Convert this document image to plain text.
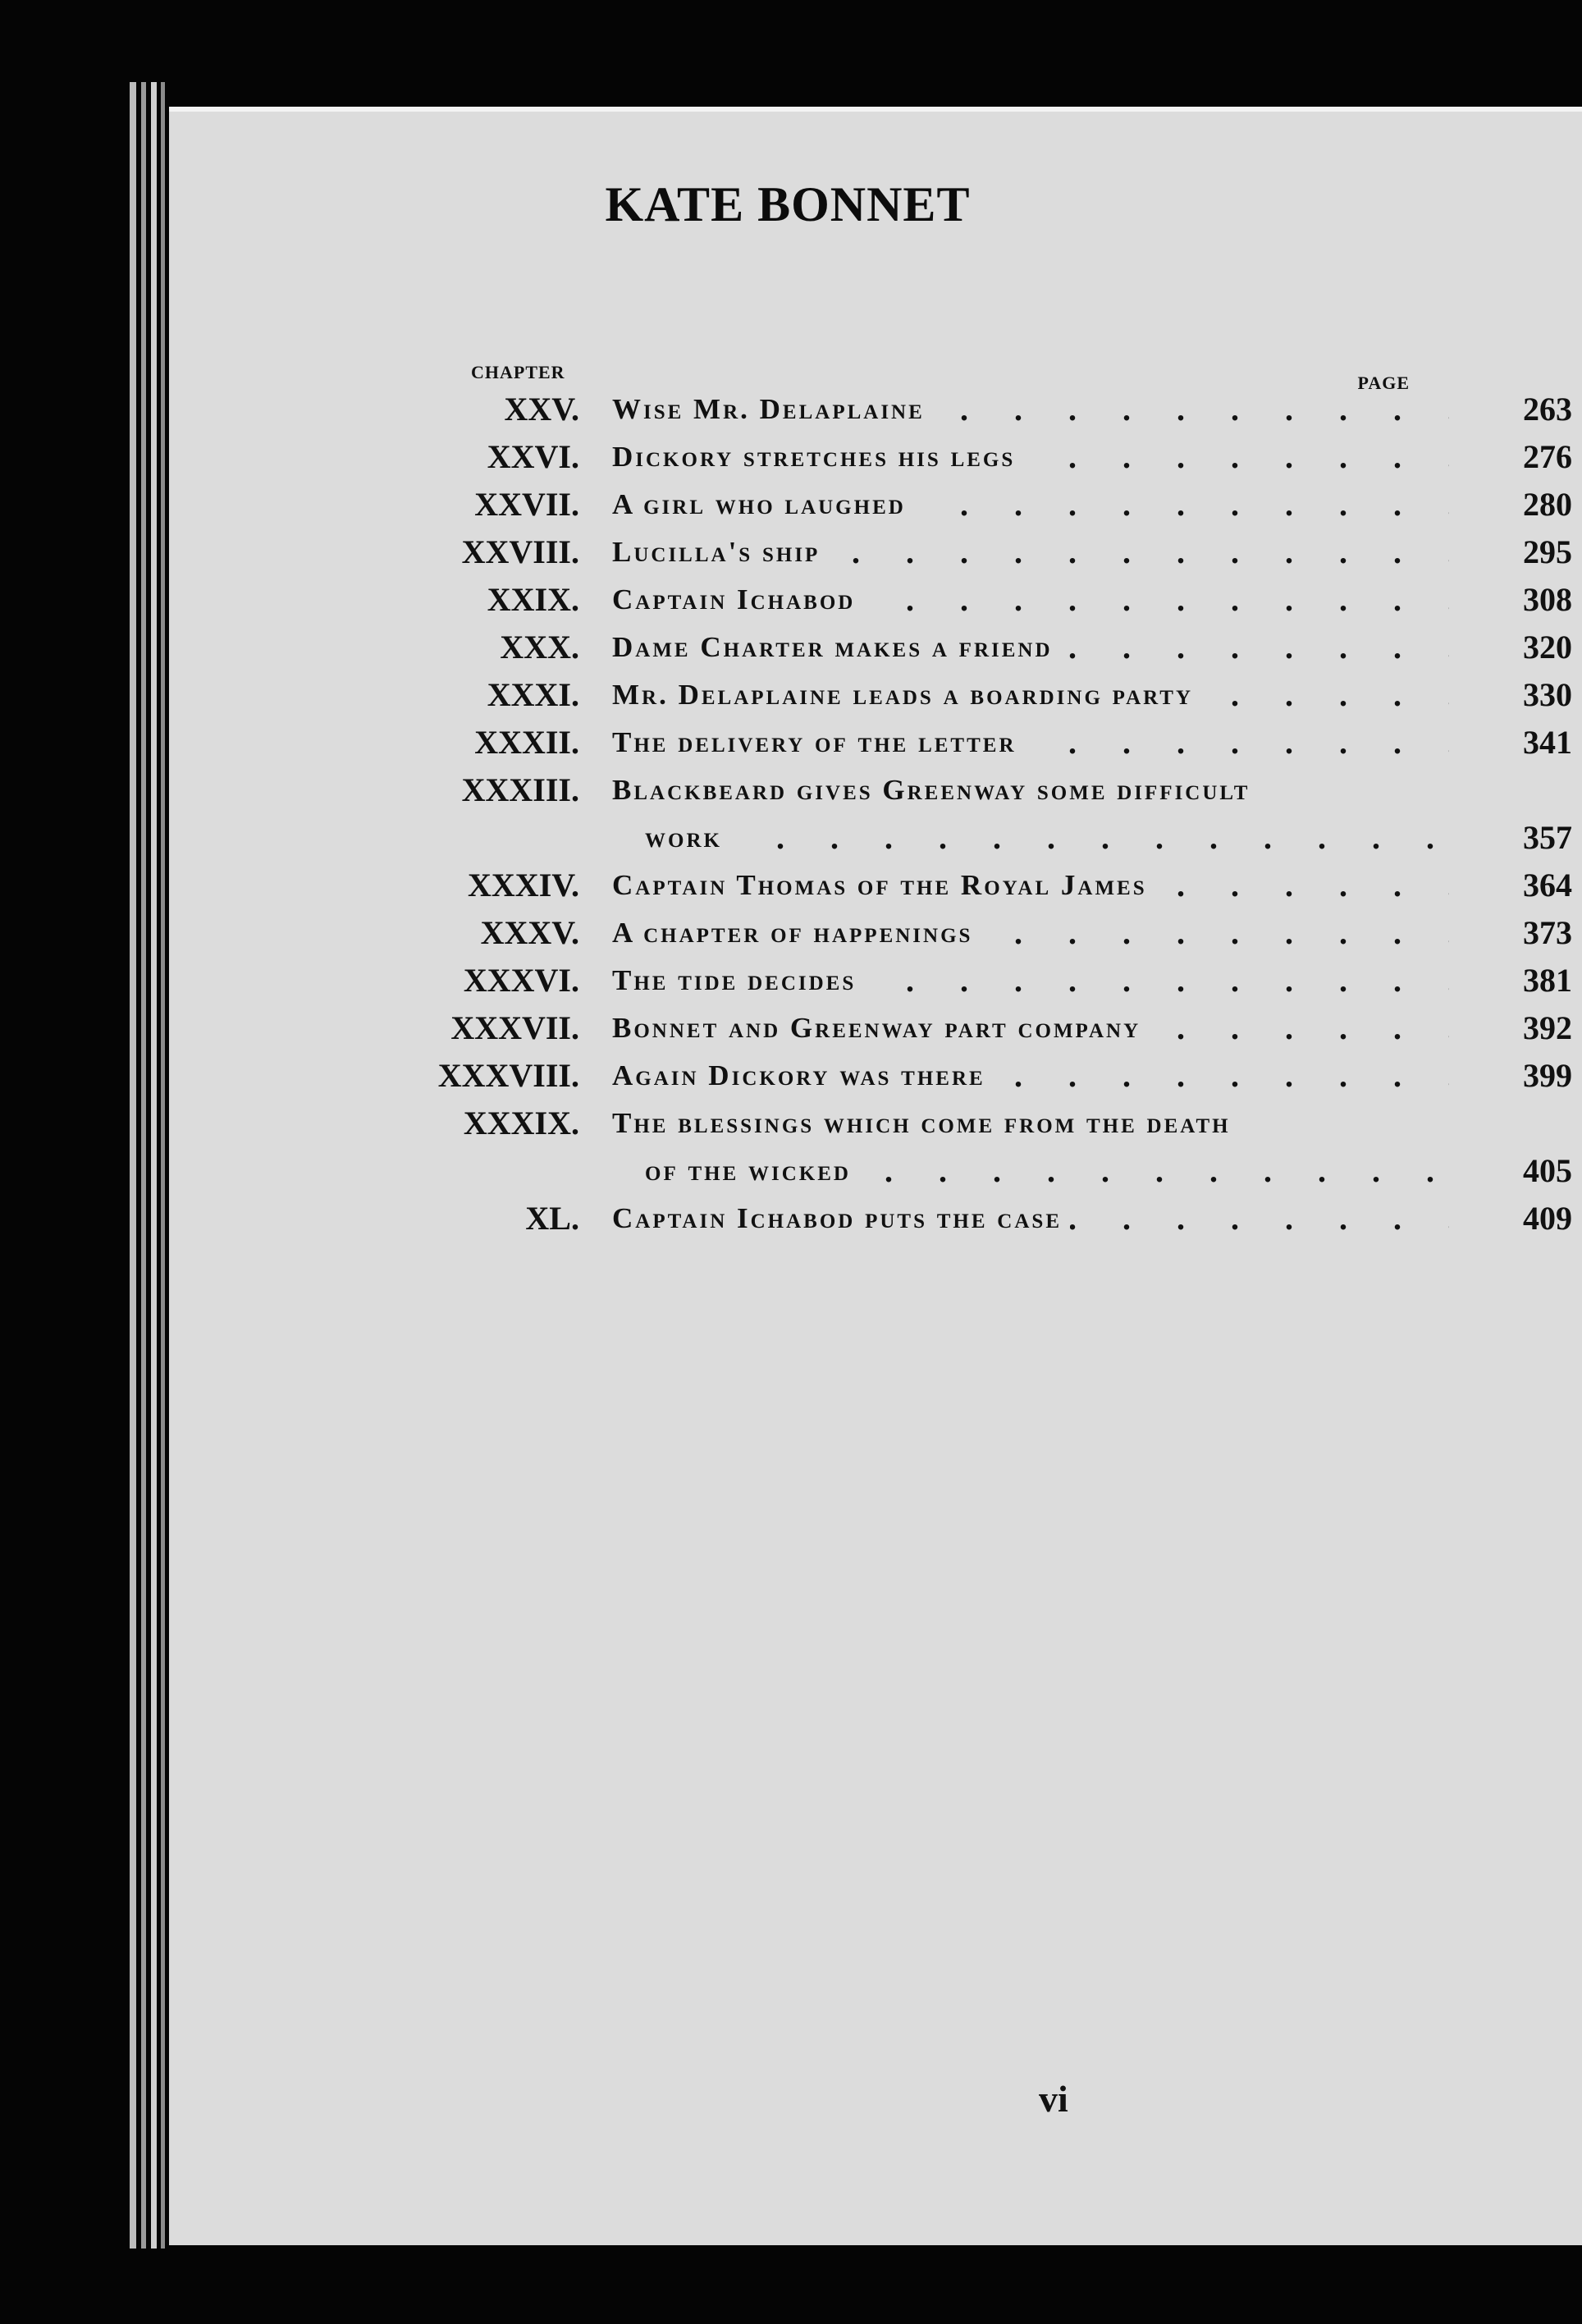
CHAPTER
PAGE
XXV. Wise Mr. Delaplaine . .	263
XXVI. Dickory stretches his legs . .	276
XXVII. A girl who laughed . .	280
XXVIII. Lucilla's ship . .	295
XXIX. Captain Ichabod . .	308
XXX. Dame Charter makes a friend . .	320
XXXI. Mr. Delaplaine leads a boarding party . .	330
XXXII. The delivery of the letter . .	341
XXXIII. Blackbeard gives Greenway some difficult
work . .	357
XXXIV. Captain Thomas of the Royal James . .	364
XXXV. A chapter of happenings . .	373
XXXVI. The tide decides . .	381
XXXVII. Bonnet and Greenway part company . .	392
XXXVIII. Again Dickory was there . .	399
XXXIX. The blessings which come from the death
of the wicked . .	405
XL. Captain Ichabod puts the case . .	409
vi
KATE BONNET
